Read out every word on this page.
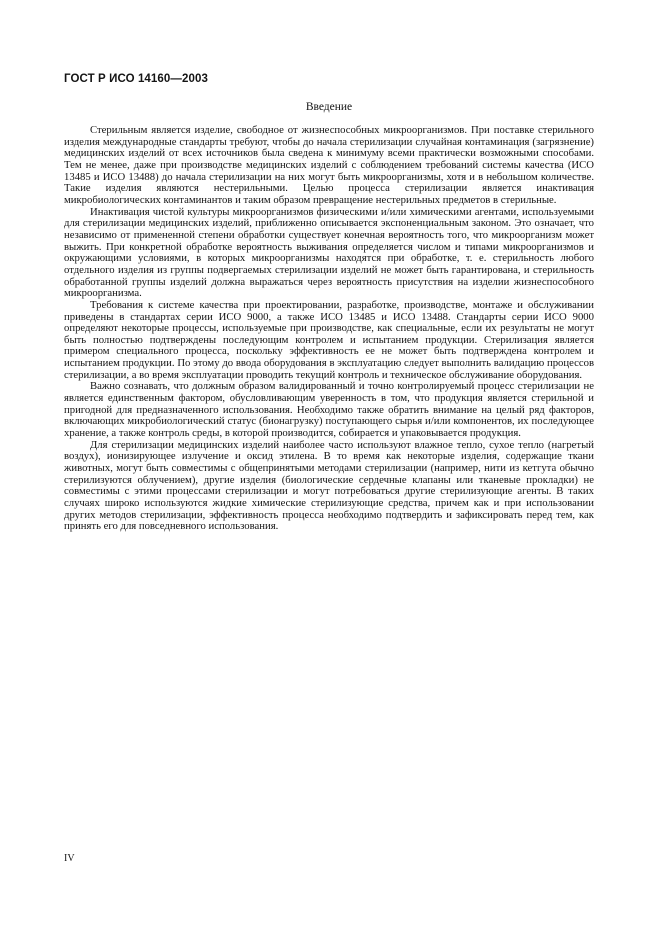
ГОСТ Р ИСО 14160—2003
Введение

Стерильным является изделие, свободное от жизнеспособных микроорганизмов. При поставке стерильного изделия международные стандарты требуют, чтобы до начала стерилизации случайная контаминация (загрязнение) медицинских изделий от всех источников была сведена к минимуму всеми практически возможными способами. Тем не менее, даже при производстве медицинских изделий с соблюдением требований системы качества (ИСО 13485 и ИСО 13488) до начала стерилизации на них могут быть микроорганизмы, хотя и в небольшом количестве. Такие изделия являются нестерильными. Целью процесса стерилизации является инактивация микробиологических контаминантов и таким образом превращение нестерильных предметов в стерильные.

Инактивация чистой культуры микроорганизмов физическими и/или химическими агентами, используемыми для стерилизации медицинских изделий, приближенно описывается экспоненциальным законом. Это означает, что независимо от примененной степени обработки существует конечная вероятность того, что микроорганизм может выжить. При конкретной обработке вероятность выживания определяется числом и типами микроорганизмов и окружающими условиями, в которых микроорганизмы находятся при обработке, т. е. стерильность любого отдельного изделия из группы подвергаемых стерилизации изделий не может быть гарантирована, и стерильность обработанной группы изделий должна выражаться через вероятность присутствия на изделии жизнеспособного микроорганизма.

Требования к системе качества при проектировании, разработке, производстве, монтаже и обслуживании приведены в стандартах серии ИСО 9000, а также ИСО 13485 и ИСО 13488. Стандарты серии ИСО 9000 определяют некоторые процессы, используемые при производстве, как специальные, если их результаты не могут быть полностью подтверждены последующим контролем и испытанием продукции. Стерилизация является примером специального процесса, поскольку эффективность ее не может быть подтверждена контролем и испытанием продукции. По этому до ввода оборудования в эксплуатацию следует выполнить валидацию процессов стерилизации, а во время эксплуатации проводить текущий контроль и техническое обслуживание оборудования.

Важно сознавать, что должным образом валидированный и точно контролируемый процесс стерилизации не является единственным фактором, обусловливающим уверенность в том, что продукция является стерильной и пригодной для предназначенного использования. Необходимо также обратить внимание на целый ряд факторов, включающих микробиологический статус (бионагрузку) поступающего сырья и/или компонентов, их последующее хранение, а также контроль среды, в которой производится, собирается и упаковывается продукция.

Для стерилизации медицинских изделий наиболее часто используют влажное тепло, сухое тепло (нагретый воздух), ионизирующее излучение и оксид этилена. В то время как некоторые изделия, содержащие ткани животных, могут быть совместимы с общепринятыми методами стерилизации (например, нити из кетгута обычно стерилизуются облучением), другие изделия (биологические сердечные клапаны или тканевые прокладки) не совместимы с этими процессами стерилизации и могут потребоваться другие стерилизующие агенты. В таких случаях широко используются жидкие химические стерилизующие средства, причем как и при использовании других методов стерилизации, эффективность процесса необходимо подтвердить и зафиксировать перед тем, как принять его для повседневного использования.

IV
